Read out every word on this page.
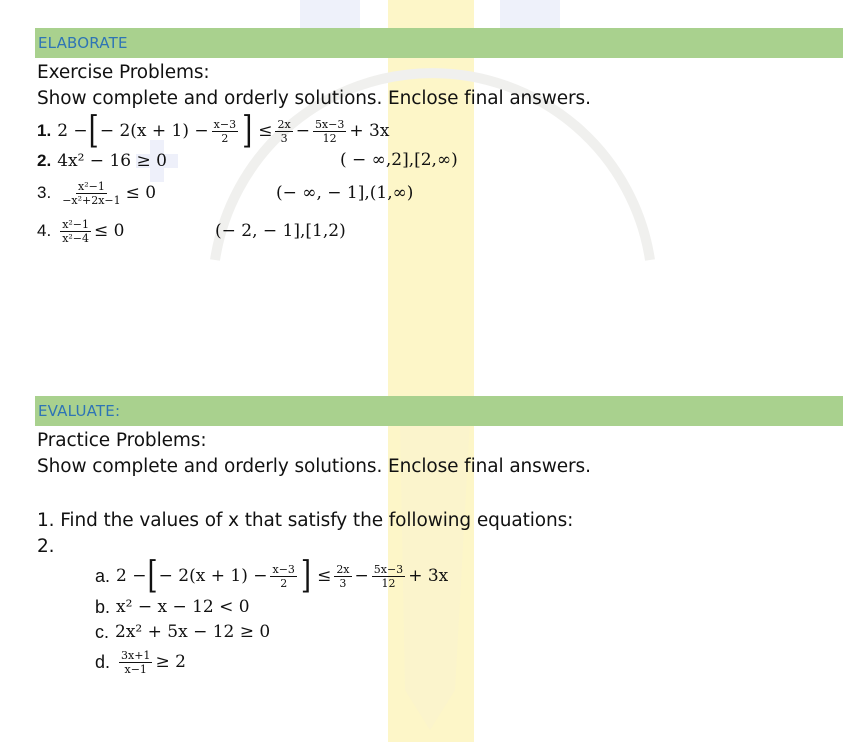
ELABORATE
Exercise Problems:
Show complete and orderly solutions. Enclose final answers.
1. 2 − [ − $2(x + 1) - \frac{x-3}{2}$ ] ≤ $\frac{2x}{3} - \frac{5x-3}{12} + 3x$
2. 4x² − 16 ≥ 0	( − ∞,2],[2,∞)
3. $\frac{\text{x²−1}}{\text{−x²+2x−1}} \le 0$	(− ∞, − 1],(1,∞)
4. $\frac{\text{x²−1}}{\text{x²−4}} \le 0$	(− 2, − 1],[1,2)
EVALUATE:
Practice Problems:
Show complete and orderly solutions. Enclose final answers.
1. Find the values of x that satisfy the following equations:
2.
a. 2 − [ − $2(x + 1) - \frac{x-3}{2}$ ] ≤ $\frac{2x}{3} - \frac{5x-3}{12} + 3x$
b. x² − x − 12 < 0
c. 2x² + 5x − 12 ≥ 0
d. $\frac{3x+1}{x-1} \ge 2$
